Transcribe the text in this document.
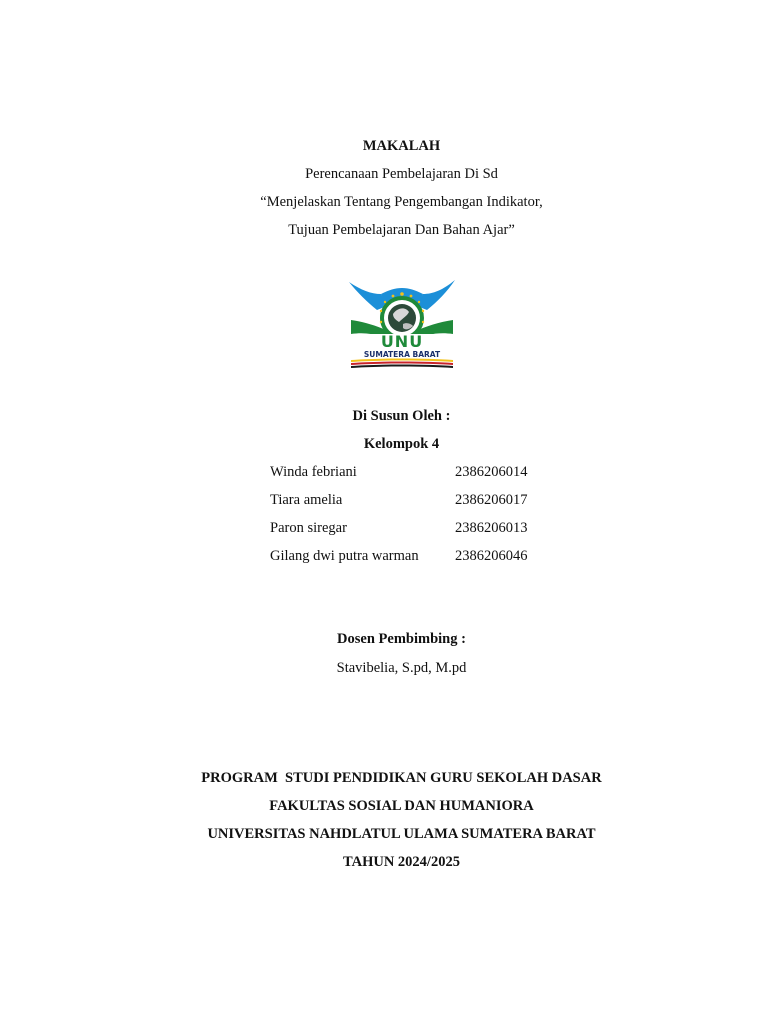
MAKALAH
Perencanaan Pembelajaran Di Sd
“Menjelaskan Tentang Pengembangan Indikator,
Tujuan Pembelajaran Dan Bahan Ajar”
UNU
SUMATERA BARAT
Di Susun Oleh :
Kelompok 4
Winda febriani	2386206014
Tiara amelia	2386206017
Paron siregar	2386206013
Gilang dwi putra warman	2386206046
Dosen Pembimbing :
Stavibelia, S.pd, M.pd
PROGRAM  STUDI PENDIDIKAN GURU SEKOLAH DASAR
FAKULTAS SOSIAL DAN HUMANIORA
UNIVERSITAS NAHDLATUL ULAMA SUMATERA BARAT
TAHUN 2024/2025
